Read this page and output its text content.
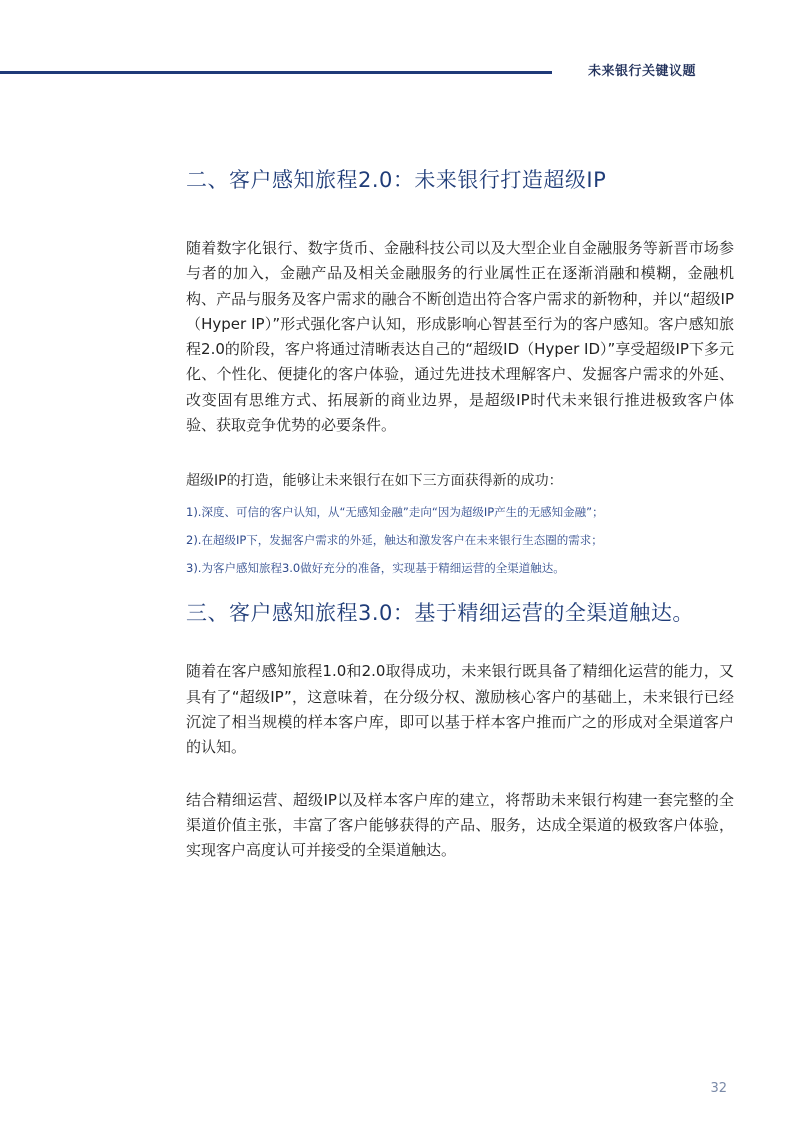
未来银行关键议题
二、客户感知旅程2.0：未来银行打造超级IP

随着数字化银行、数字货币、金融科技公司以及大型企业自金融服务等新晋市场参与者的加入，金融产品及相关金融服务的行业属性正在逐渐消融和模糊，金融机构、产品与服务及客户需求的融合不断创造出符合客户需求的新物种，并以“超级IP（Hyper IP）”形式强化客户认知，形成影响心智甚至行为的客户感知。客户感知旅程2.0的阶段，客户将通过清晰表达自己的“超级ID（Hyper ID）”享受超级IP下多元化、个性化、便捷化的客户体验，通过先进技术理解客户、发掘客户需求的外延、改变固有思维方式、拓展新的商业边界，是超级IP时代未来银行推进极致客户体验、获取竞争优势的必要条件。

超级IP的打造，能够让未来银行在如下三方面获得新的成功：

1).深度、可信的客户认知，从“无感知金融”走向“因为超级IP产生的无感知金融”；
2).在超级IP下，发掘客户需求的外延，触达和激发客户在未来银行生态圈的需求；
3).为客户感知旅程3.0做好充分的准备，实现基于精细运营的全渠道触达。
三、客户感知旅程3.0：基于精细运营的全渠道触达。

随着在客户感知旅程1.0和2.0取得成功，未来银行既具备了精细化运营的能力，又具有了“超级IP”，这意味着，在分级分权、激励核心客户的基础上，未来银行已经沉淀了相当规模的样本客户库，即可以基于样本客户推而广之的形成对全渠道客户的认知。

结合精细运营、超级IP以及样本客户库的建立，将帮助未来银行构建一套完整的全渠道价值主张，丰富了客户能够获得的产品、服务，达成全渠道的极致客户体验，实现客户高度认可并接受的全渠道触达。

32
